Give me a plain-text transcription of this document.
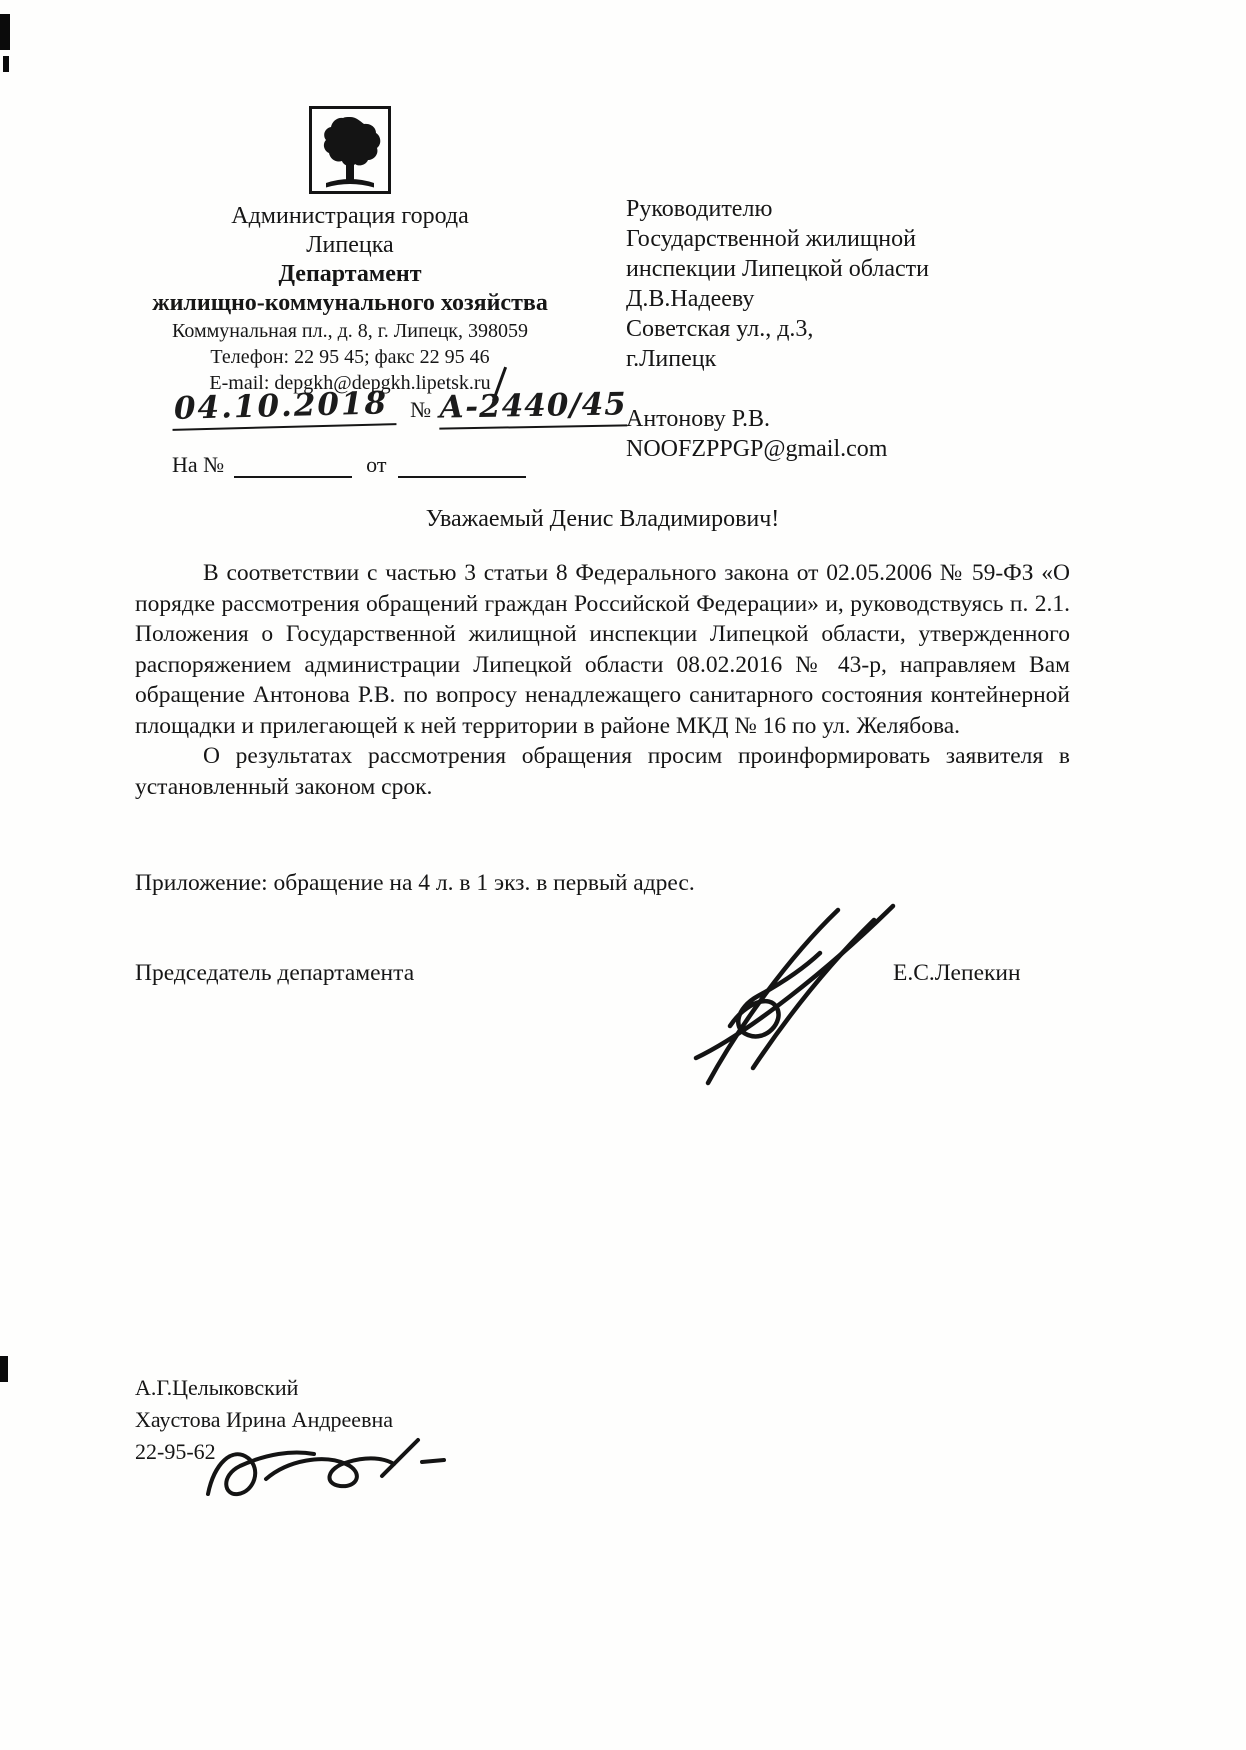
Администрация города
Липецка
Департамент
жилищно-коммунального хозяйства
Коммунальная пл., д. 8, г. Липецк, 398059
Телефон: 22 95 45; факс 22 95 46
E-mail: depgkh@depgkh.lipetsk.ru
04.10.2018 № А-2440/45
На №	от
Руководителю
Государственной жилищной
инспекции Липецкой области
Д.В.Надееву
Советская ул., д.3,
г.Липецк
Антонову Р.В.
NOOFZPPGP@gmail.com
Уважаемый Денис Владимирович!

В соответствии с частью 3 статьи 8 Федерального закона от 02.05.2006 № 59-ФЗ «О порядке рассмотрения обращений граждан Российской Федерации» и, руководствуясь п. 2.1. Положения о Государственной жилищной инспекции Липецкой области, утвержденного распоряжением администрации Липецкой области 08.02.2016 № 43-р, направляем Вам обращение Антонова Р.В. по вопросу ненадлежащего санитарного состояния контейнерной площадки и прилегающей к ней территории в районе МКД № 16 по ул. Желябова.

О результатах рассмотрения обращения просим проинформировать заявителя в установленный законом срок.

Приложение: обращение на 4 л. в 1 экз. в первый адрес.
Председатель департамента	Е.С.Лепекин
А.Г.Целыковский
Хаустова Ирина Андреевна
22-95-62
